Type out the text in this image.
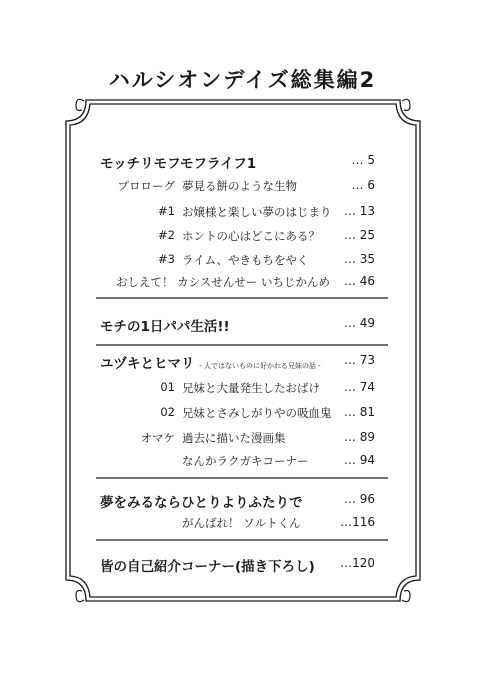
ハルシオンデイズ総集編2
モッチリモフモフライフ1	… 5
プロローグ 夢見る餅のような生物	… 6
#1 お嬢様と楽しい夢のはじまり … 13
#2 ホントの心はどこにある？ … 25
#3 ライム、やきもちをやく	… 35
おしえて！ カシスせんせー いちじかんめ … 46
モチの1日パパ生活!!	… 49
ユヅキとヒマリ - 人ではないものに好かれる兄妹の話 - … 73
01 兄妹と大量発生したおばけ … 74
02 兄妹とさみしがりやの吸血鬼 … 81
オマケ 過去に描いた漫画集	… 89
なんかラクガキコーナー	… 94
夢をみるならひとりよりふたりで	… 96
がんばれ！ ソルトくん	…116
皆の自己紹介コーナー(描き下ろし) …120
